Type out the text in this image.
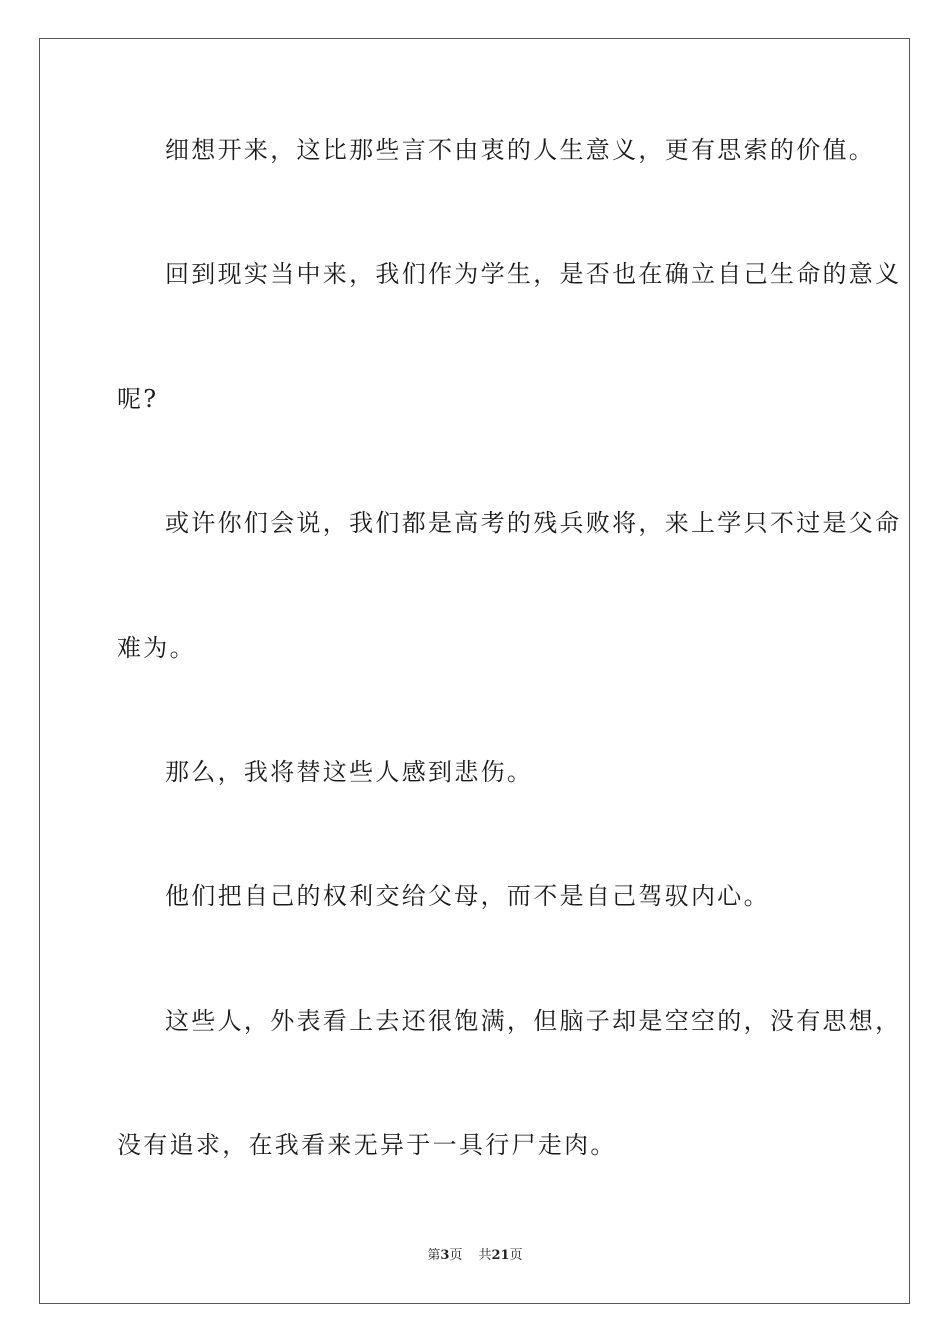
细想开来，这比那些言不由衷的人生意义，更有思索的价值。
回到现实当中来，我们作为学生，是否也在确立自己生命的意义
呢?
或许你们会说，我们都是高考的残兵败将，来上学只不过是父命
难为。
那么，我将替这些人感到悲伤。
他们把自己的权利交给父母，而不是自己驾驭内心。
这些人，外表看上去还很饱满，但脑子却是空空的，没有思想，
没有追求，在我看来无异于一具行尸走肉。
第3页 共21页
